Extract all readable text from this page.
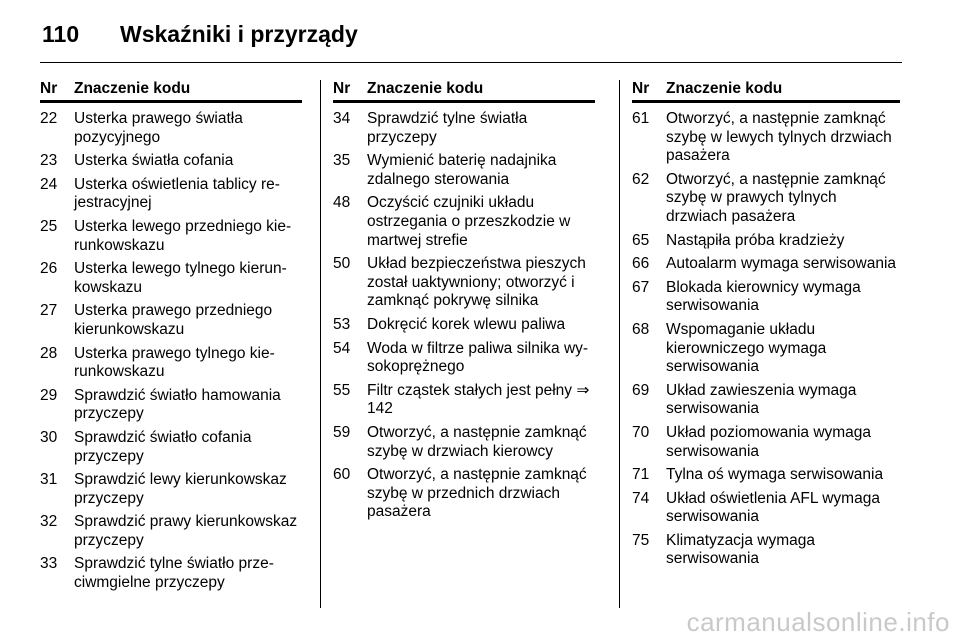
110	Wskaźniki i przyrządy
Nr	Znaczenie kodu
22	Usterka prawego światła pozycyjnego
23	Usterka światła cofania
24	Usterka oświetlenia tablicy re-jestracyjnej
25	Usterka lewego przedniego kie-runkowskazu
26	Usterka lewego tylnego kierun-kowskazu
27	Usterka prawego przedniego kierunkowskazu
28	Usterka prawego tylnego kie-runkowskazu
29	Sprawdzić światło hamowania przyczepy
30	Sprawdzić światło cofania przyczepy
31	Sprawdzić lewy kierunkowskaz przyczepy
32	Sprawdzić prawy kierunkowskaz przyczepy
33	Sprawdzić tylne światło prze-ciwmgielne przyczepy
Nr	Znaczenie kodu
34	Sprawdzić tylne światła przyczepy
35	Wymienić baterię nadajnika zdalnego sterowania
48	Oczyścić czujniki układu ostrzegania o przeszkodzie w martwej strefie
50	Układ bezpieczeństwa pieszych został uaktywniony; otworzyć i zamknąć pokrywę silnika
53	Dokręcić korek wlewu paliwa
54	Woda w filtrze paliwa silnika wy-sokoprężnego
55	Filtr cząstek stałych jest pełny ⇒ 142
59	Otworzyć, a następnie zamknąć szybę w drzwiach kierowcy
60	Otworzyć, a następnie zamknąć szybę w przednich drzwiach pasażera
Nr	Znaczenie kodu
61	Otworzyć, a następnie zamknąć szybę w lewych tylnych drzwiach pasażera
62	Otworzyć, a następnie zamknąć szybę w prawych tylnych drzwiach pasażera
65	Nastąpiła próba kradzieży
66	Autoalarm wymaga serwisowania
67	Blokada kierownicy wymaga serwisowania
68	Wspomaganie układu kierowniczego wymaga serwisowania
69	Układ zawieszenia wymaga serwisowania
70	Układ poziomowania wymaga serwisowania
71	Tylna oś wymaga serwisowania
74	Układ oświetlenia AFL wymaga serwisowania
75	Klimatyzacja wymaga serwisowania
carmanualsonline.info
